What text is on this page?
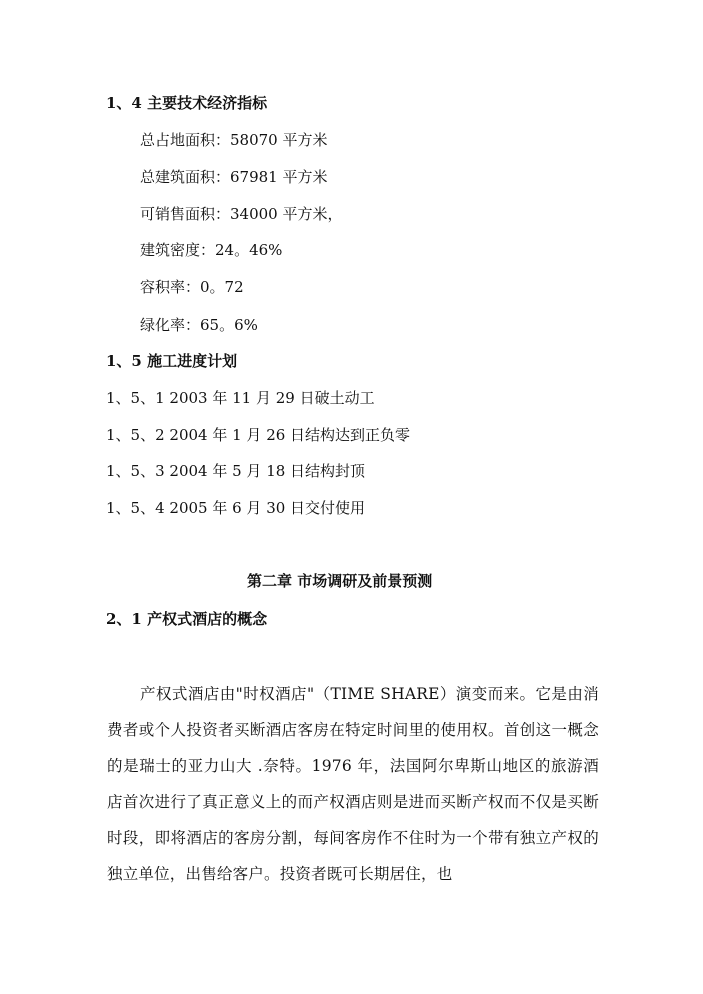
1、4 主要技术经济指标
总占地面积：58070 平方米
总建筑面积：67981 平方米
可销售面积：34000 平方米，
建筑密度：24。46%
容积率：0。72
绿化率：65。6%
1、5 施工进度计划
1、5、1 2003 年 11 月 29 日破土动工
1、5、2 2004 年 1 月 26 日结构达到正负零
1、5、3 2004 年 5 月 18 日结构封顶
1、5、4 2005 年 6 月 30 日交付使用
第二章 市场调研及前景预测
2、1 产权式酒店的概念
产权式酒店由"时权酒店"（TIME SHARE）演变而来。它是由消费者或个人投资者买断酒店客房在特定时间里的使用权。首创这一概念的是瑞士的亚力山大 .奈特。1976 年，法国阿尔卑斯山地区的旅游酒店首次进行了真正意义上的而产权酒店则是进而买断产权而不仅是买断时段，即将酒店的客房分割，每间客房作不住时为一个带有独立产权的独立单位，出售给客户。投资者既可长期居住，也
